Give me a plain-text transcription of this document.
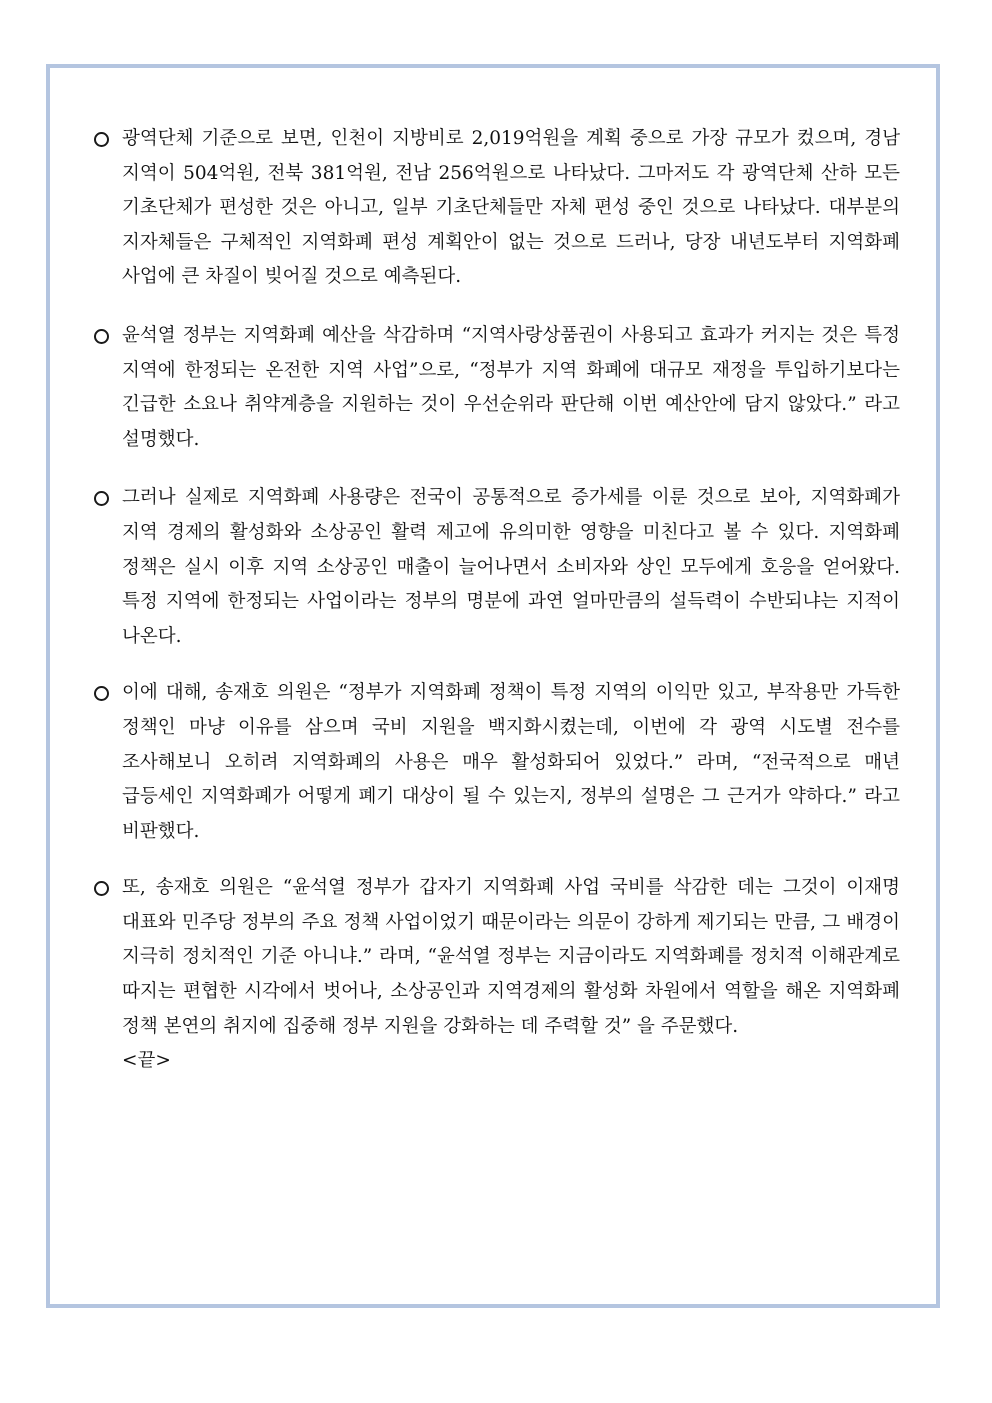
광역단체 기준으로 보면, 인천이 지방비로 2,019억원을 계획 중으로 가장 규모가 컸으며, 경남 지역이 504억원, 전북 381억원, 전남 256억원으로 나타났다. 그마저도 각 광역단체 산하 모든 기초단체가 편성한 것은 아니고, 일부 기초단체들만 자체 편성 중인 것으로 나타났다. 대부분의 지자체들은 구체적인 지역화폐 편성 계획안이 없는 것으로 드러나, 당장 내년도부터 지역화폐 사업에 큰 차질이 빚어질 것으로 예측된다.

윤석열 정부는 지역화폐 예산을 삭감하며 “지역사랑상품권이 사용되고 효과가 커지는 것은 특정 지역에 한정되는 온전한 지역 사업”으로, “정부가 지역 화폐에 대규모 재정을 투입하기보다는 긴급한 소요나 취약계층을 지원하는 것이 우선순위라 판단해 이번 예산안에 담지 않았다.” 라고 설명했다.

그러나 실제로 지역화폐 사용량은 전국이 공통적으로 증가세를 이룬 것으로 보아, 지역화폐가 지역 경제의 활성화와 소상공인 활력 제고에 유의미한 영향을 미친다고 볼 수 있다. 지역화폐 정책은 실시 이후 지역 소상공인 매출이 늘어나면서 소비자와 상인 모두에게 호응을 얻어왔다. 특정 지역에 한정되는 사업이라는 정부의 명분에 과연 얼마만큼의 설득력이 수반되냐는 지적이 나온다.

이에 대해, 송재호 의원은 “정부가 지역화폐 정책이 특정 지역의 이익만 있고, 부작용만 가득한 정책인 마냥 이유를 삼으며 국비 지원을 백지화시켰는데, 이번에 각 광역 시도별 전수를 조사해보니 오히려 지역화폐의 사용은 매우 활성화되어 있었다.” 라며, “전국적으로 매년 급등세인 지역화폐가 어떻게 폐기 대상이 될 수 있는지, 정부의 설명은 그 근거가 약하다.” 라고 비판했다.

또, 송재호 의원은 “윤석열 정부가 갑자기 지역화폐 사업 국비를 삭감한 데는 그것이 이재명 대표와 민주당 정부의 주요 정책 사업이었기 때문이라는 의문이 강하게 제기되는 만큼, 그 배경이 지극히 정치적인 기준 아니냐.” 라며, “윤석열 정부는 지금이라도 지역화폐를 정치적 이해관계로 따지는 편협한 시각에서 벗어나, 소상공인과 지역경제의 활성화 차원에서 역할을 해온 지역화폐 정책 본연의 취지에 집중해 정부 지원을 강화하는 데 주력할 것” 을 주문했다.

<끝>
